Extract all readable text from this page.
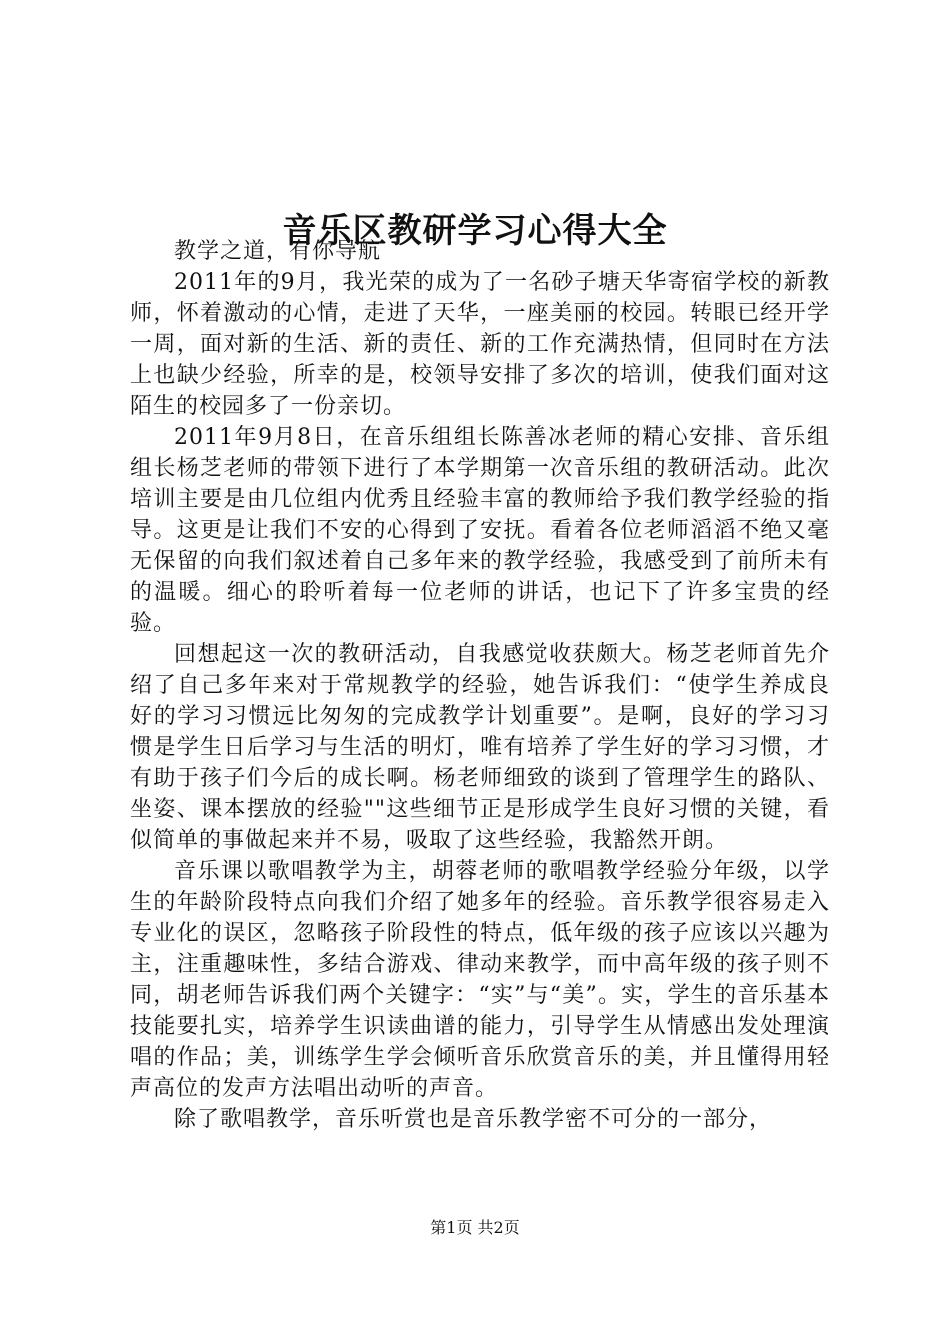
音乐区教研学习心得大全

教学之道，有你导航

2011年的9月，我光荣的成为了一名砂子塘天华寄宿学校的新教师，怀着激动的心情，走进了天华，一座美丽的校园。转眼已经开学一周，面对新的生活、新的责任、新的工作充满热情，但同时在方法上也缺少经验，所幸的是，校领导安排了多次的培训，使我们面对这陌生的校园多了一份亲切。

2011年9月8日，在音乐组组长陈善冰老师的精心安排、音乐组组长杨芝老师的带领下进行了本学期第一次音乐组的教研活动。此次培训主要是由几位组内优秀且经验丰富的教师给予我们教学经验的指导。这更是让我们不安的心得到了安抚。看着各位老师滔滔不绝又毫无保留的向我们叙述着自己多年来的教学经验，我感受到了前所未有的温暖。细心的聆听着每一位老师的讲话，也记下了许多宝贵的经验。

回想起这一次的教研活动，自我感觉收获颇大。杨芝老师首先介绍了自己多年来对于常规教学的经验，她告诉我们：“使学生养成良好的学习习惯远比匆匆的完成教学计划重要”。是啊，良好的学习习惯是学生日后学习与生活的明灯，唯有培养了学生好的学习习惯，才有助于孩子们今后的成长啊。杨老师细致的谈到了管理学生的路队、坐姿、课本摆放的经验""这些细节正是形成学生良好习惯的关键，看似简单的事做起来并不易，吸取了这些经验，我豁然开朗。

音乐课以歌唱教学为主，胡蓉老师的歌唱教学经验分年级，以学生的年龄阶段特点向我们介绍了她多年的经验。音乐教学很容易走入专业化的误区，忽略孩子阶段性的特点，低年级的孩子应该以兴趣为主，注重趣味性，多结合游戏、律动来教学，而中高年级的孩子则不同，胡老师告诉我们两个关键字：“实”与“美”。实，学生的音乐基本技能要扎实，培养学生识读曲谱的能力，引导学生从情感出发处理演唱的作品；美，训练学生学会倾听音乐欣赏音乐的美，并且懂得用轻声高位的发声方法唱出动听的声音。

除了歌唱教学，音乐听赏也是音乐教学密不可分的一部分，

第1页 共2页
